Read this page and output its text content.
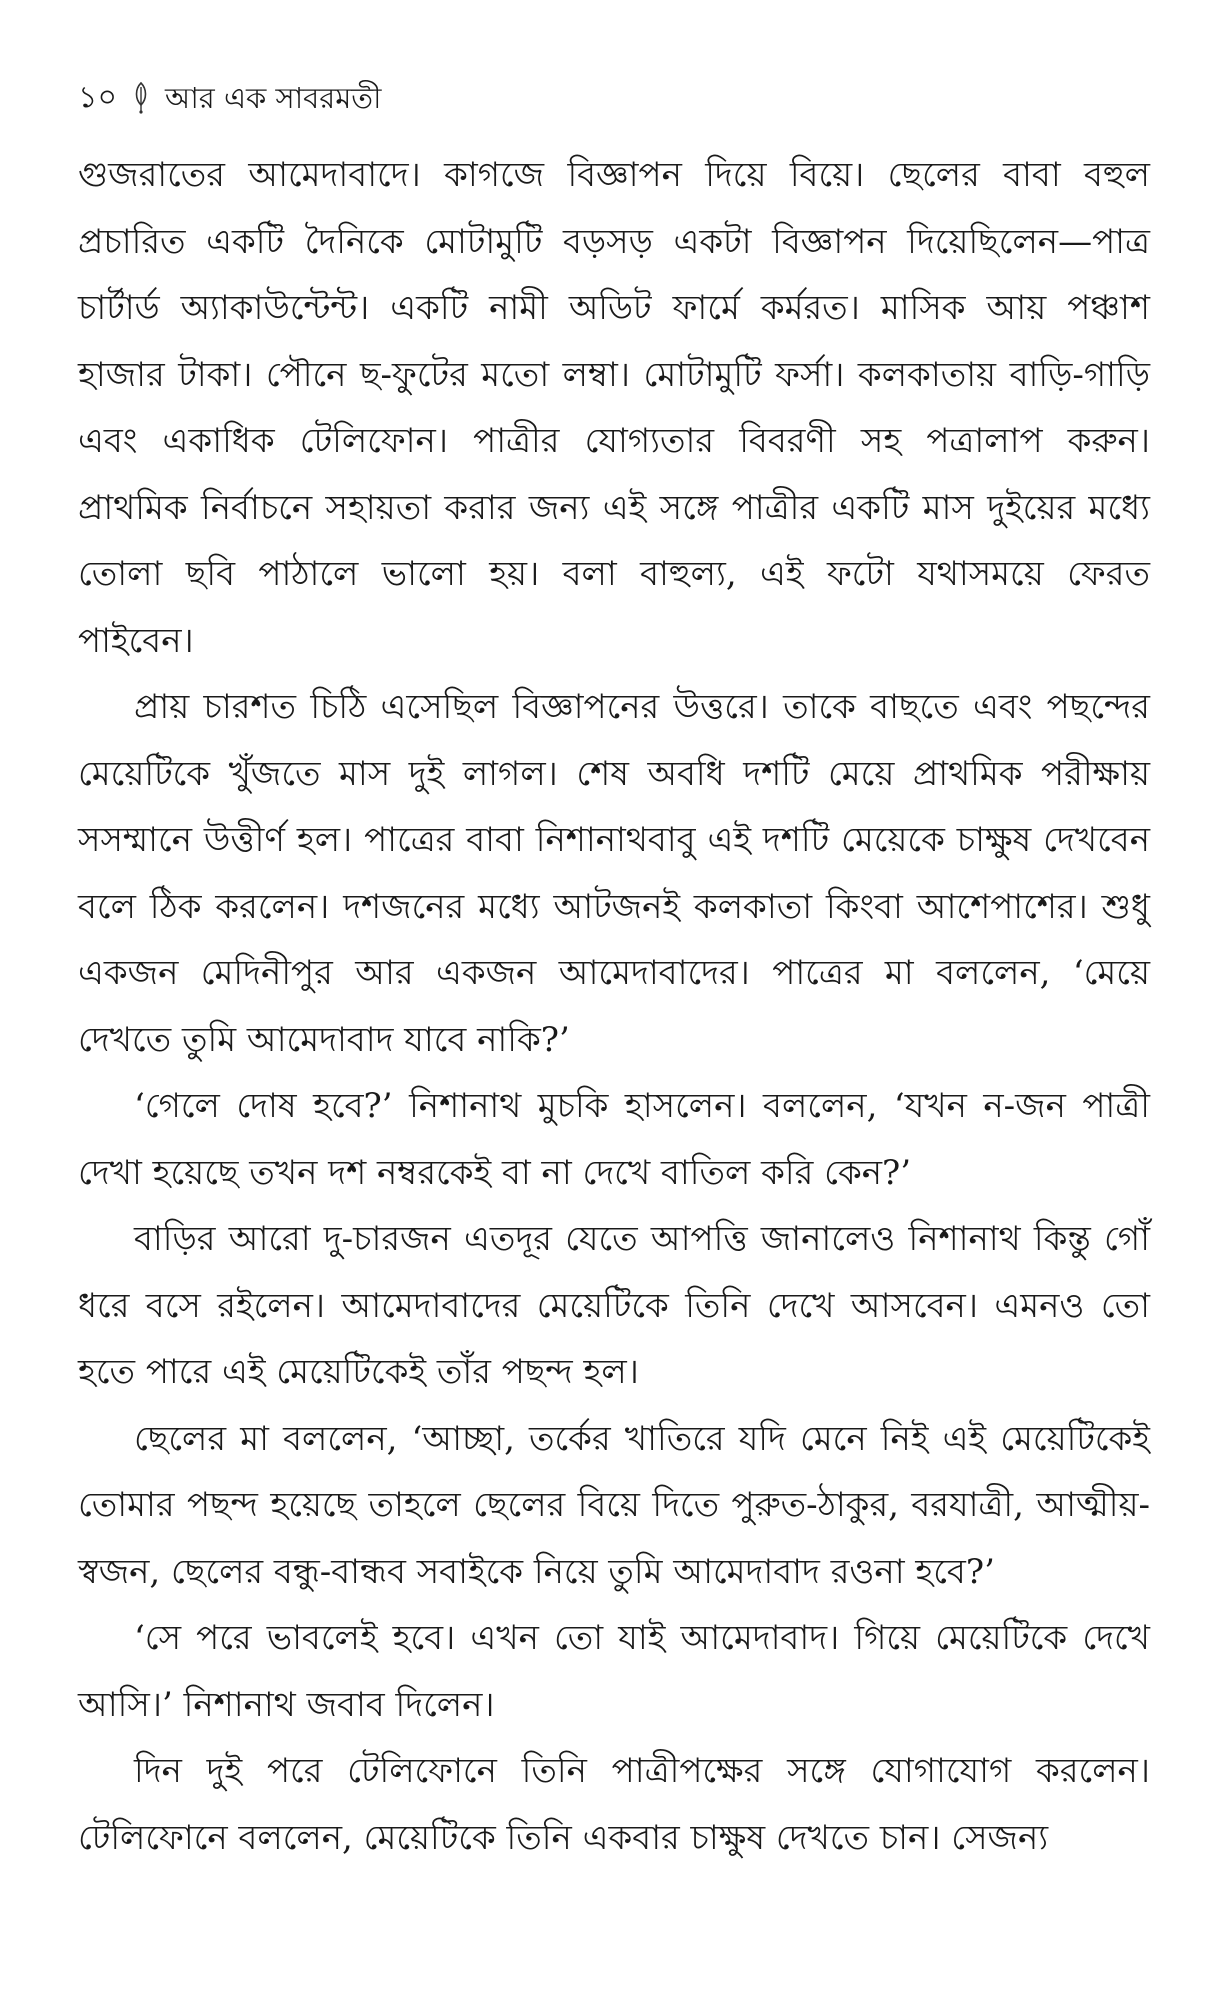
১০ আর এক সাবরমতী

গুজরাতের আমেদাবাদে। কাগজে বিজ্ঞাপন দিয়ে বিয়ে। ছেলের বাবা বহুল প্রচারিত একটি দৈনিকে মোটামুটি বড়সড় একটা বিজ্ঞাপন দিয়েছিলেন—পাত্র চার্টার্ড অ্যাকাউন্টেন্ট। একটি নামী অডিট ফার্মে কর্মরত। মাসিক আয় পঞ্চাশ হাজার টাকা। পৌনে ছ-ফুটের মতো লম্বা। মোটামুটি ফর্সা। কলকাতায় বাড়ি-গাড়ি এবং একাধিক টেলিফোন। পাত্রীর যোগ্যতার বিবরণী সহ পত্রালাপ করুন। প্রাথমিক নির্বাচনে সহায়তা করার জন্য এই সঙ্গে পাত্রীর একটি মাস দুইয়ের মধ্যে তোলা ছবি পাঠালে ভালো হয়। বলা বাহুল্য, এই ফটো যথাসময়ে ফেরত পাইবেন।

প্রায় চারশত চিঠি এসেছিল বিজ্ঞাপনের উত্তরে। তাকে বাছতে এবং পছন্দের মেয়েটিকে খুঁজতে মাস দুই লাগল। শেষ অবধি দশটি মেয়ে প্রাথমিক পরীক্ষায় সসম্মানে উত্তীর্ণ হল। পাত্রের বাবা নিশানাথবাবু এই দশটি মেয়েকে চাক্ষুষ দেখবেন বলে ঠিক করলেন। দশজনের মধ্যে আটজনই কলকাতা কিংবা আশেপাশের। শুধু একজন মেদিনীপুর আর একজন আমেদাবাদের। পাত্রের মা বললেন, ‘মেয়ে দেখতে তুমি আমেদাবাদ যাবে নাকি?’

‘গেলে দোষ হবে?’ নিশানাথ মুচকি হাসলেন। বললেন, ‘যখন ন-জন পাত্রী দেখা হয়েছে তখন দশ নম্বরকেই বা না দেখে বাতিল করি কেন?’

বাড়ির আরো দু-চারজন এতদূর যেতে আপত্তি জানালেও নিশানাথ কিন্তু গোঁ ধরে বসে রইলেন। আমেদাবাদের মেয়েটিকে তিনি দেখে আসবেন। এমনও তো হতে পারে এই মেয়েটিকেই তাঁর পছন্দ হল।

ছেলের মা বললেন, ‘আচ্ছা, তর্কের খাতিরে যদি মেনে নিই এই মেয়েটিকেই তোমার পছন্দ হয়েছে তাহলে ছেলের বিয়ে দিতে পুরুত-ঠাকুর, বরযাত্রী, আত্মীয়-স্বজন, ছেলের বন্ধু-বান্ধব সবাইকে নিয়ে তুমি আমেদাবাদ রওনা হবে?’

‘সে পরে ভাবলেই হবে। এখন তো যাই আমেদাবাদ। গিয়ে মেয়েটিকে দেখে আসি।’ নিশানাথ জবাব দিলেন।

দিন দুই পরে টেলিফোনে তিনি পাত্রীপক্ষের সঙ্গে যোগাযোগ করলেন। টেলিফোনে বললেন, মেয়েটিকে তিনি একবার চাক্ষুষ দেখতে চান। সেজন্য
